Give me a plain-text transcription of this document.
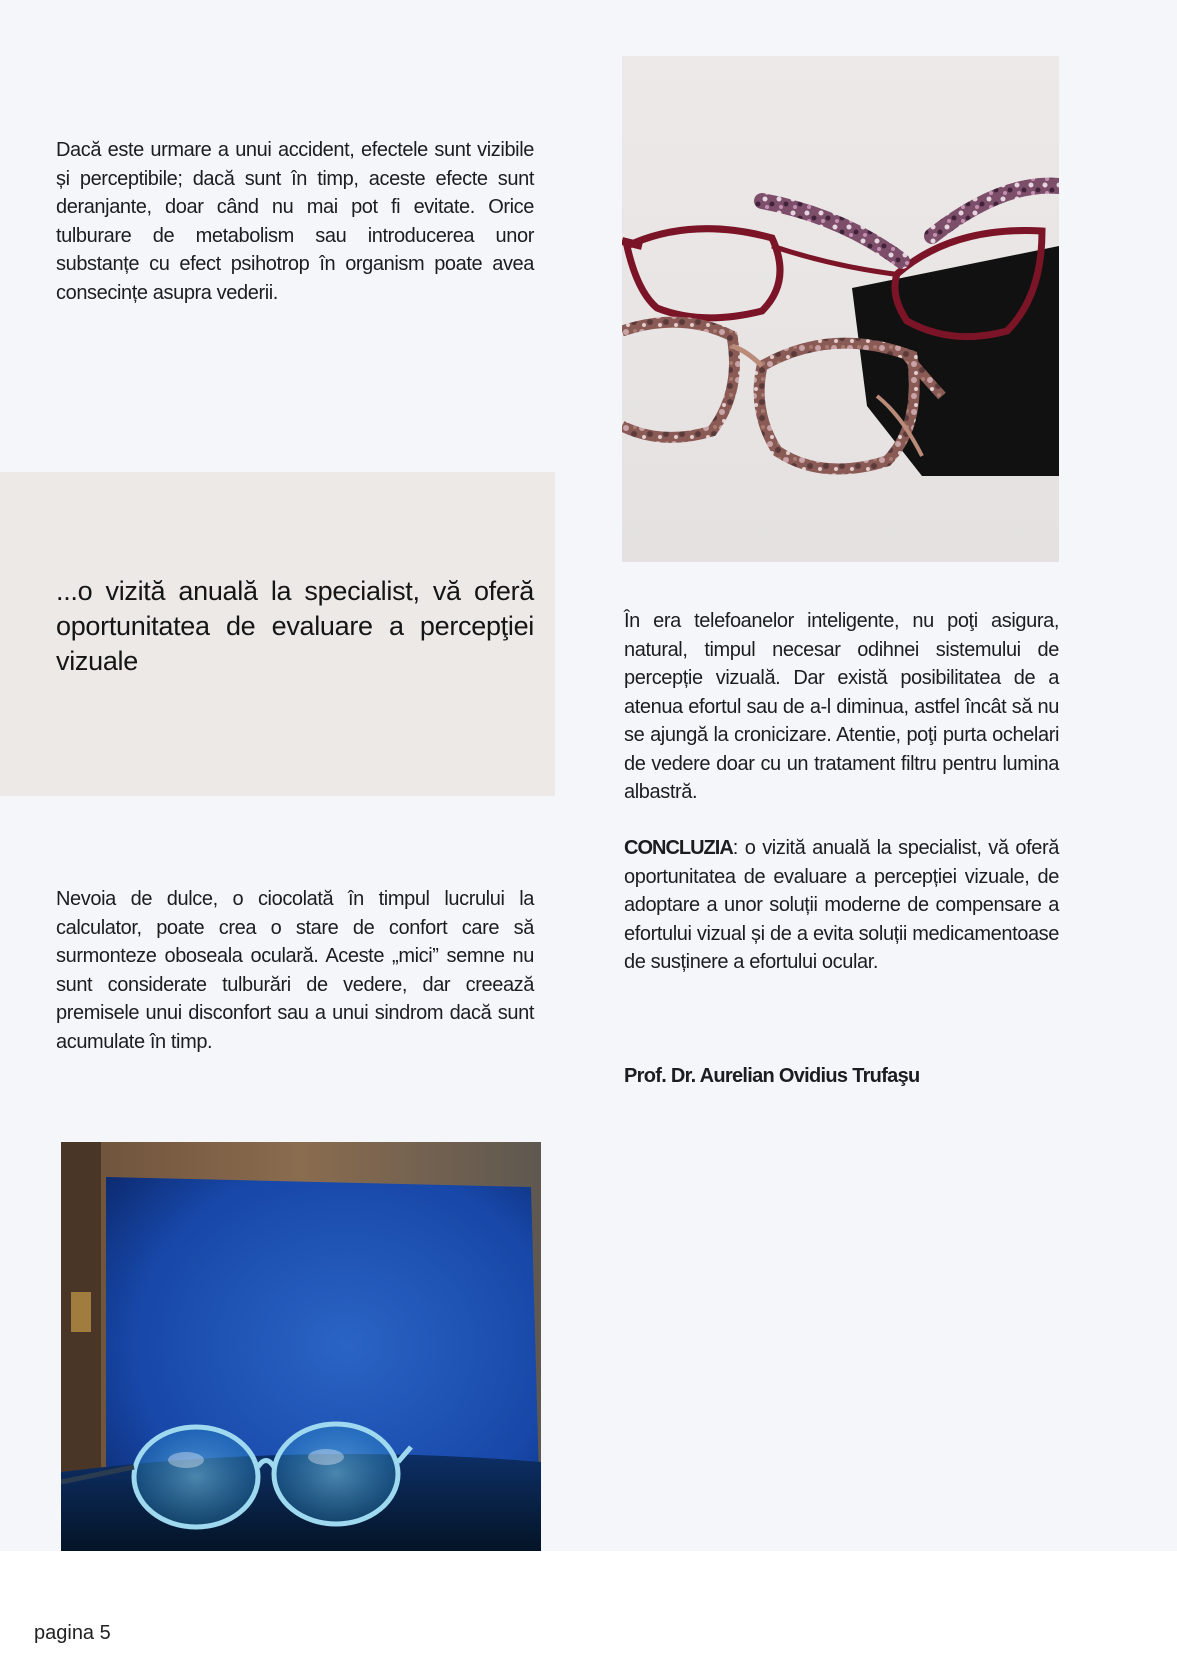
Dacă este urmare a unui accident, efectele sunt vizibile și perceptibile; dacă sunt în timp, aceste efecte sunt deranjante, doar când nu mai pot fi evitate. Orice tulburare de metabolism sau introducerea unor substanțe cu efect psihotrop în organism poate avea consecințe asupra vederii.

...o vizită anuală la specialist, vă oferă oportunitatea de evaluare a percepţiei vizuale

Nevoia de dulce, o ciocolată în timpul lucrului la calculator, poate crea o stare de confort care să surmonteze oboseala oculară. Aceste „mici” semne nu sunt considerate tulburări de vedere, dar creează premisele unui disconfort sau a unui sindrom dacă sunt acumulate în timp.

În era telefoanelor inteligente, nu poţi asigura, natural, timpul necesar odihnei sistemului de percepție vizuală. Dar există posibilitatea de a atenua efortul sau de a-l diminua, astfel încât să nu se ajungă la cronicizare. Atentie, poţi purta ochelari de vedere doar cu un tratament filtru pentru lumina albastră.

CONCLUZIA: o vizită anuală la specialist, vă oferă oportunitatea de evaluare a percepției vizuale, de adoptare a unor soluții moderne de compensare a efortului vizual și de a evita soluții medicamentoase de susținere a efortului ocular.

Prof. Dr. Aurelian Ovidius Trufaşu

pagina 5
